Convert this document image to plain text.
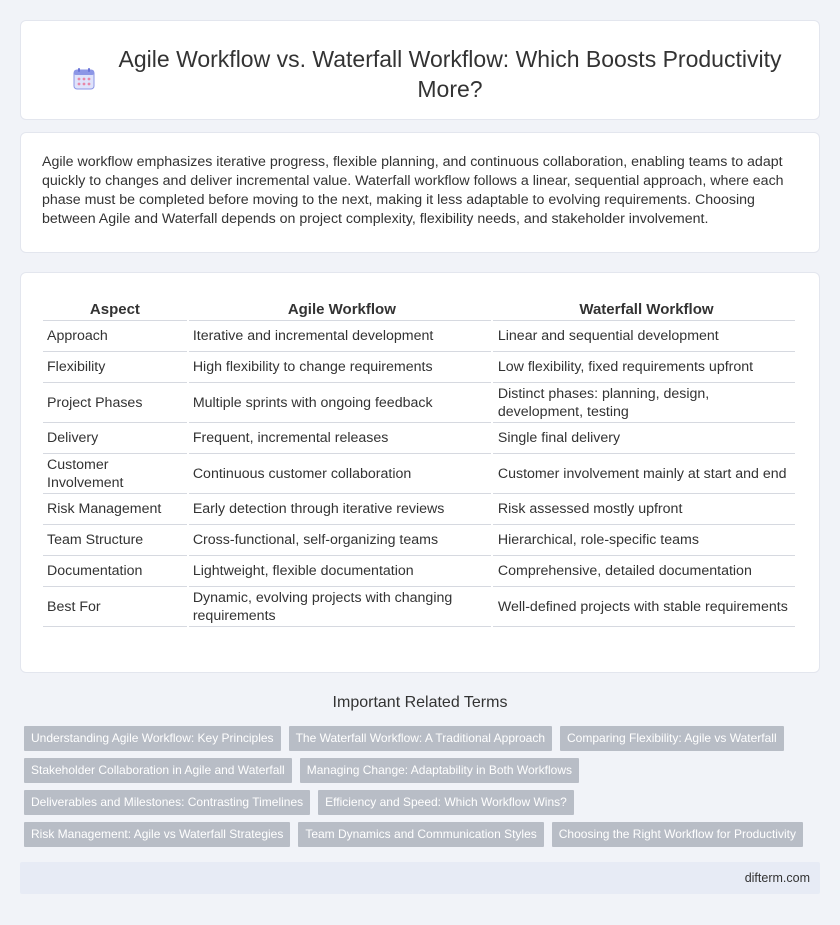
Agile Workflow vs. Waterfall Workflow: Which Boosts Productivity More?

Agile workflow emphasizes iterative progress, flexible planning, and continuous collaboration, enabling teams to adapt quickly to changes and deliver incremental value. Waterfall workflow follows a linear, sequential approach, where each phase must be completed before moving to the next, making it less adaptable to evolving requirements. Choosing between Agile and Waterfall depends on project complexity, flexibility needs, and stakeholder involvement.

Aspect	Agile Workflow	Waterfall Workflow
Approach	Iterative and incremental development	Linear and sequential development
Flexibility	High flexibility to change requirements	Low flexibility, fixed requirements upfront
Project Phases	Multiple sprints with ongoing feedback	Distinct phases: planning, design, development, testing
Delivery	Frequent, incremental releases	Single final delivery
Customer Involvement	Continuous customer collaboration	Customer involvement mainly at start and end
Risk Management	Early detection through iterative reviews	Risk assessed mostly upfront
Team Structure	Cross-functional, self-organizing teams	Hierarchical, role-specific teams
Documentation	Lightweight, flexible documentation	Comprehensive, detailed documentation
Best For	Dynamic, evolving projects with changing requirements	Well-defined projects with stable requirements
Important Related Terms
Understanding Agile Workflow: Key Principles	The Waterfall Workflow: A Traditional Approach	Comparing Flexibility: Agile vs Waterfall
Stakeholder Collaboration in Agile and Waterfall	Managing Change: Adaptability in Both Workflows
Deliverables and Milestones: Contrasting Timelines	Efficiency and Speed: Which Workflow Wins?
Risk Management: Agile vs Waterfall Strategies	Team Dynamics and Communication Styles	Choosing the Right Workflow for Productivity
difterm.com
